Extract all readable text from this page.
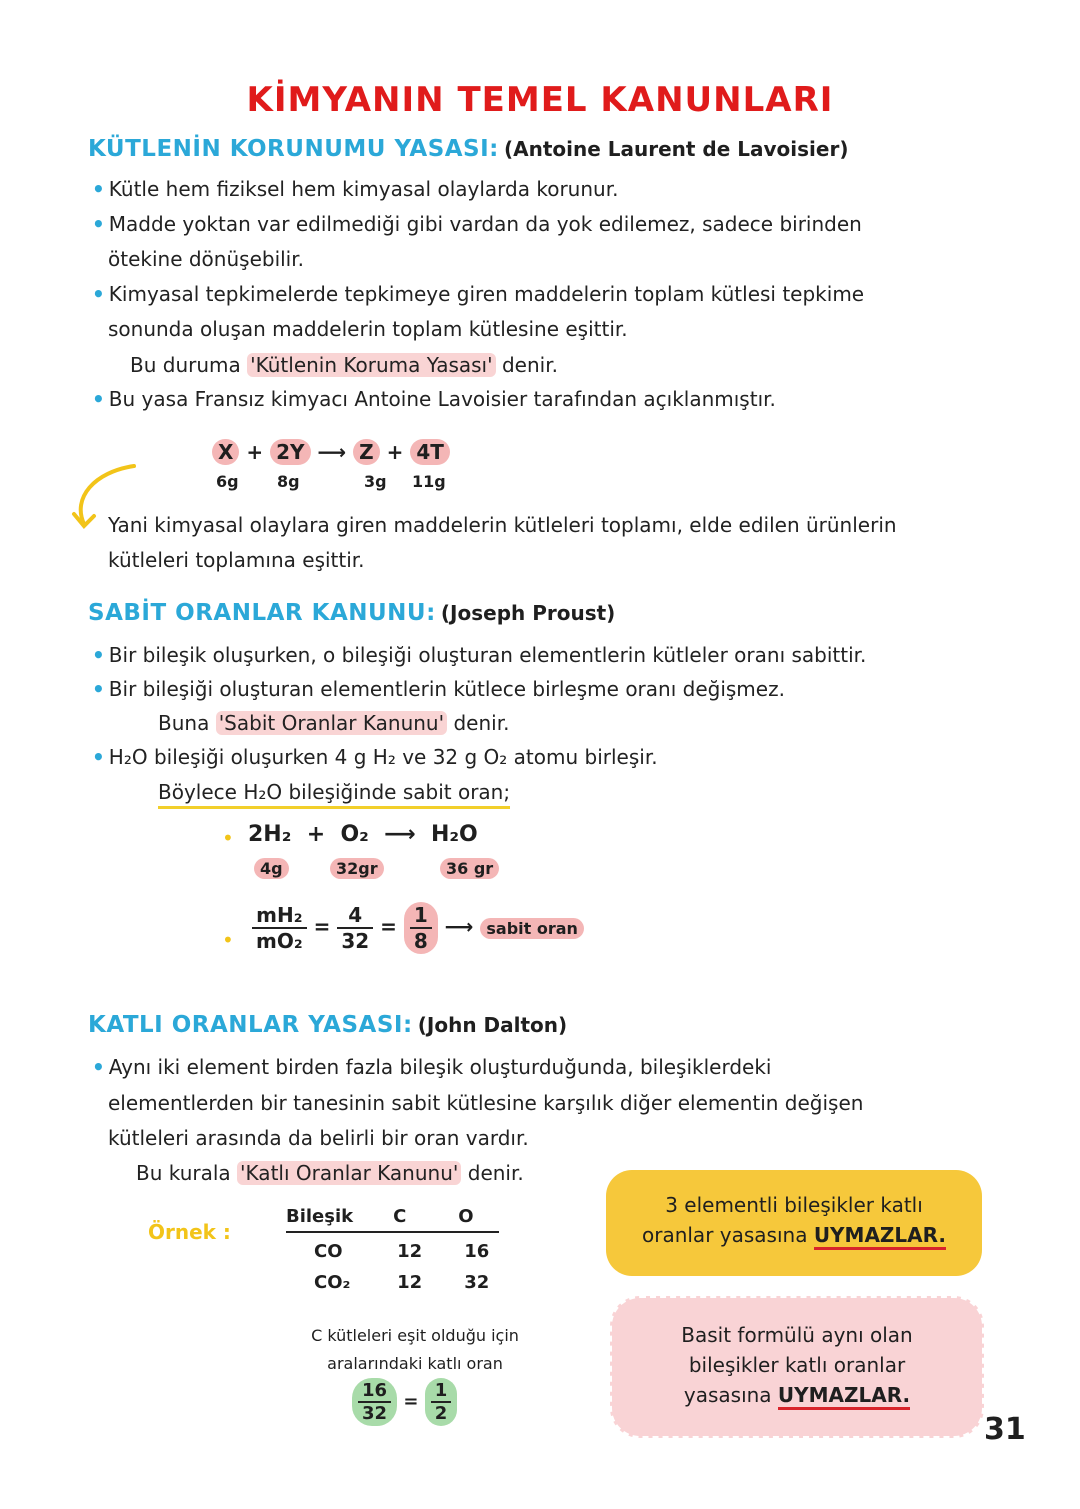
KİMYANIN TEMEL KANUNLARI
KÜTLENİN KORUNUMU YASASI: (Antoine Laurent de Lavoisier)
• Kütle hem fiziksel hem kimyasal olaylarda korunur.
• Madde yoktan var edilmediği gibi vardan da yok edilemez, sadece birinden
ötekine dönüşebilir.
• Kimyasal tepkimelerde tepkimeye giren maddelerin toplam kütlesi tepkime
sonunda oluşan maddelerin toplam kütlesine eşittir.
Bu duruma 'Kütlenin Koruma Yasası' denir.
• Bu yasa Fransız kimyacı Antoine Lavoisier tarafından açıklanmıştır.
X + 2Y ⟶ Z + 4T
6g 8g	3g 11g
Yani kimyasal olaylara giren maddelerin kütleleri toplamı, elde edilen ürünlerin
kütleleri toplamına eşittir.
SABİT ORANLAR KANUNU: (Joseph Proust)
• Bir bileşik oluşurken, o bileşiği oluşturan elementlerin kütleler oranı sabittir.
• Bir bileşiği oluşturan elementlerin kütlece birleşme oranı değişmez.
Buna 'Sabit Oranlar Kanunu' denir.
• H₂O bileşiği oluşurken 4 g H₂ ve 32 g O₂ atomu birleşir.
Böylece H₂O bileşiğinde sabit oran;
• 2H₂ + O₂ ⟶ H₂O
4g	32gr	36 gr
• $\frac{\text{mH₂}}{\text{mO₂}} = \frac{4}{32} = \frac{1}{8}$ ⟶ sabit oran
KATLI ORANLAR YASASI: (John Dalton)
• Aynı iki element birden fazla bileşik oluşturduğunda, bileşiklerdeki
elementlerden bir tanesinin sabit kütlesine karşılık diğer elementin değişen
kütleleri arasında da belirli bir oran vardır.
Bu kurala 'Katlı Oranlar Kanunu' denir.
Örnek :
Bileşik	C	O
CO	12	16
CO₂	12	32
C kütleleri eşit olduğu için
aralarındaki katlı oran
$\frac{16}{32} = \frac{1}{2}$
3 elementli bileşikler katlı
oranlar yasasına UYMAZLAR.
Basit formülü aynı olan
bileşikler katlı oranlar
yasasına UYMAZLAR.
31
